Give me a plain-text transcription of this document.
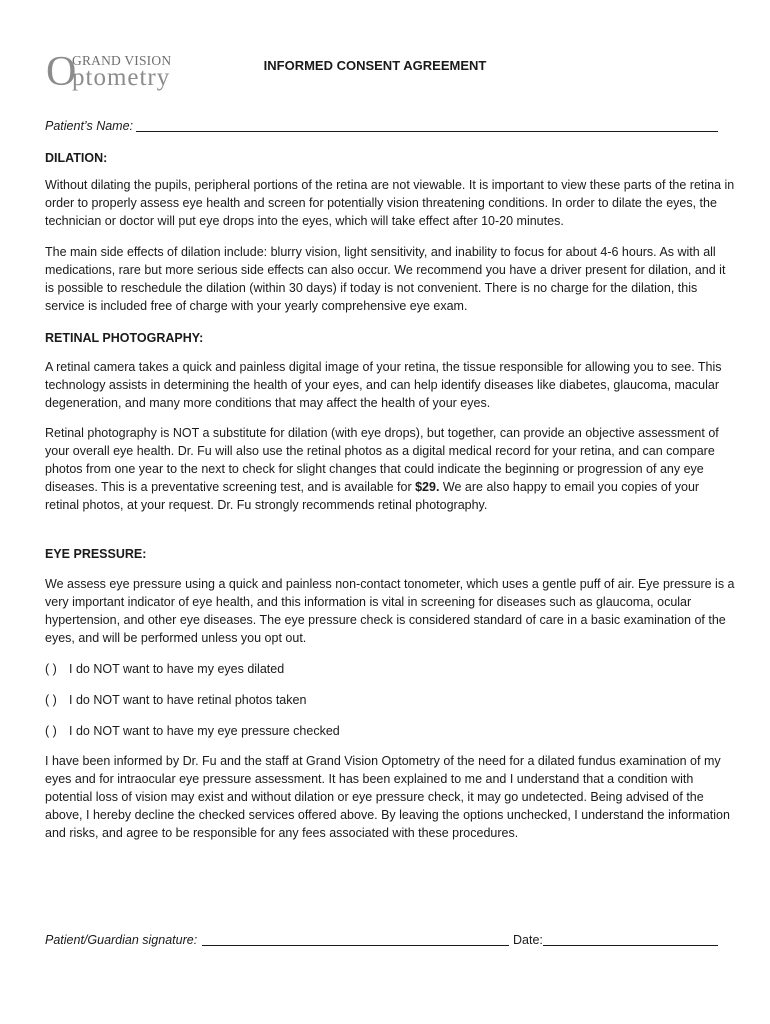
O
GRAND VISION
ptometry	INFORMED CONSENT AGREEMENT
Patient’s Name:
DILATION:

Without dilating the pupils, peripheral portions of the retina are not viewable. It is important to view these parts of the retina in order to properly assess eye health and screen for potentially vision threatening conditions. In order to dilate the eyes, the technician or doctor will put eye drops into the eyes, which will take effect after 10-20 minutes.

The main side effects of dilation include: blurry vision, light sensitivity, and inability to focus for about 4-6 hours. As with all medications, rare but more serious side effects can also occur. We recommend you have a driver present for dilation, and it is possible to reschedule the dilation (within 30 days) if today is not convenient. There is no charge for the dilation, this service is included free of charge with your yearly comprehensive eye exam.

RETINAL PHOTOGRAPHY:

A retinal camera takes a quick and painless digital image of your retina, the tissue responsible for allowing you to see. This technology assists in determining the health of your eyes, and can help identify diseases like diabetes, glaucoma, macular degeneration, and many more conditions that may affect the health of your eyes.

Retinal photography is NOT a substitute for dilation (with eye drops), but together, can provide an objective assessment of your overall eye health. Dr. Fu will also use the retinal photos as a digital medical record for your retina, and can compare photos from one year to the next to check for slight changes that could indicate the beginning or progression of any eye diseases. This is a preventative screening test, and is available for $29. We are also happy to email you copies of your retinal photos, at your request. Dr. Fu strongly recommends retinal photography.

EYE PRESSURE:

We assess eye pressure using a quick and painless non-contact tonometer, which uses a gentle puff of air. Eye pressure is a very important indicator of eye health, and this information is vital in screening for diseases such as glaucoma, ocular hypertension, and other eye diseases. The eye pressure check is considered standard of care in a basic examination of the eyes, and will be performed unless you opt out.

( ) I do NOT want to have my eyes dilated
( ) I do NOT want to have retinal photos taken
( ) I do NOT want to have my eye pressure checked

I have been informed by Dr. Fu and the staff at Grand Vision Optometry of the need for a dilated fundus examination of my eyes and for intraocular eye pressure assessment. It has been explained to me and I understand that a condition with potential loss of vision may exist and without dilation or eye pressure check, it may go undetected. Being advised of the above, I hereby decline the checked services offered above. By leaving the options unchecked, I understand the information and risks, and agree to be responsible for any fees associated with these procedures.

Patient/Guardian signature:	Date:
